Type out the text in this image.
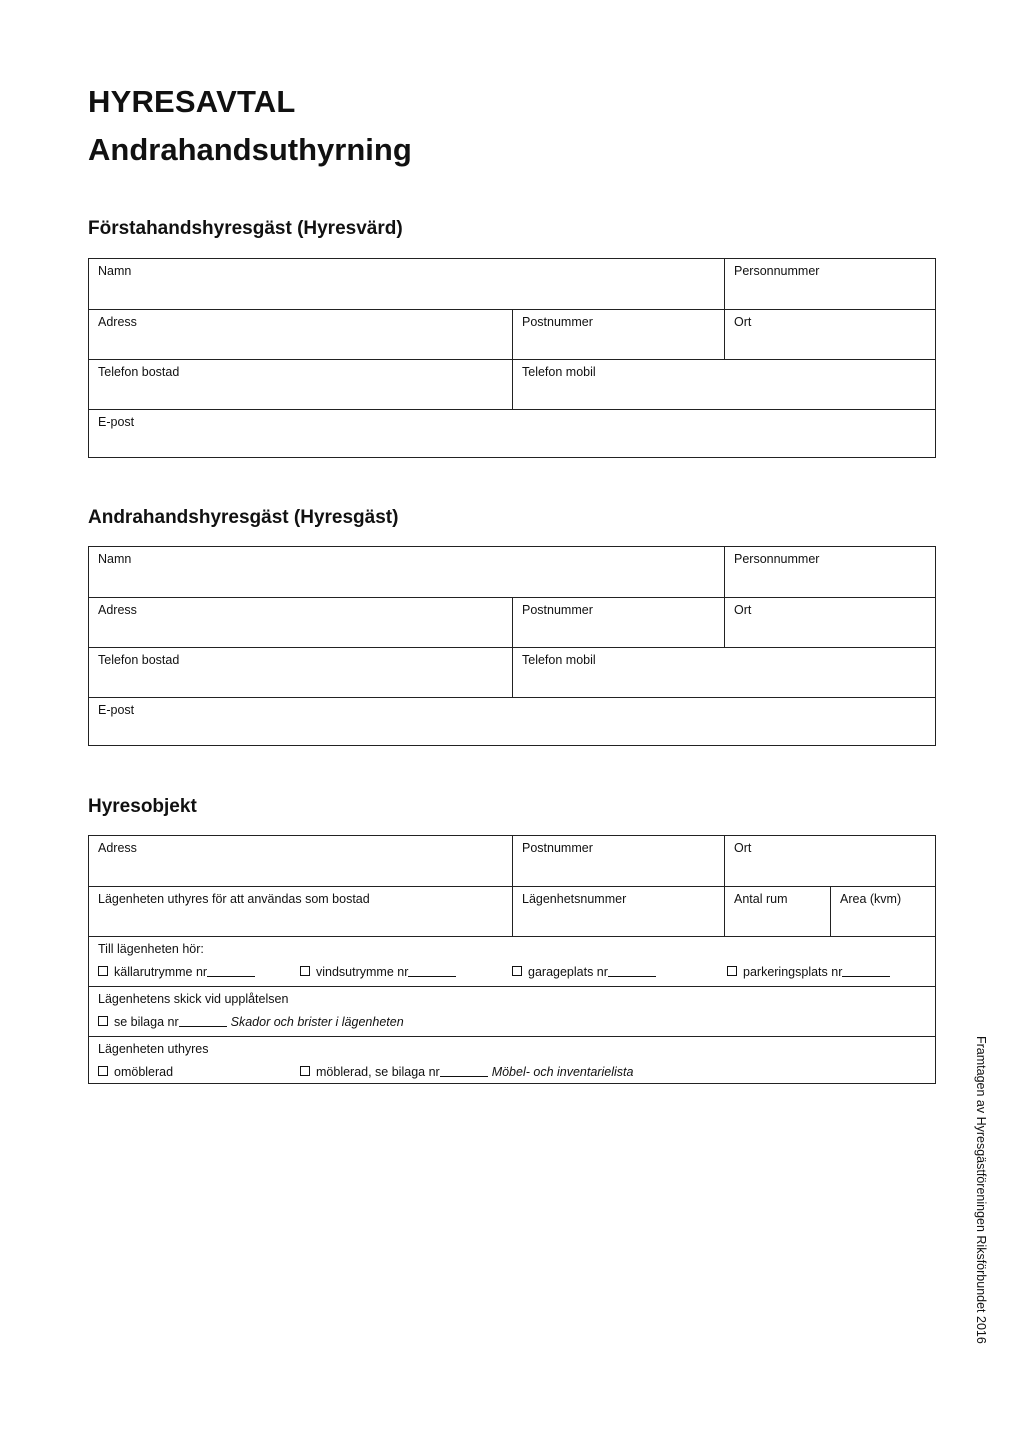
HYRESAVTAL
Andrahandsuthyrning
Förstahandshyresgäst (Hyresvärd)
Namn	Personnummer
Adress	Postnummer	Ort
Telefon bostad	Telefon mobil
E-post
Andrahandshyresgäst (Hyresgäst)
Namn	Personnummer
Adress	Postnummer	Ort
Telefon bostad	Telefon mobil
E-post
Hyresobjekt
Adress	Postnummer	Ort
Lägenheten uthyres för att användas som bostad	Lägenhetsnummer	Antal rum	Area (kvm)
Till lägenheten hör:
källarutrymme nr	vindsutrymme nr	garageplats nr	parkeringsplats nr
Lägenhetens skick vid upplåtelsen
se bilaga nr	Skador och brister i lägenheten
Lägenheten uthyres
omöblerad	möblerad, se bilaga nr	Möbel- och inventarielista	Framtagen av Hyresgästföreningen Riksförbundet 2016
